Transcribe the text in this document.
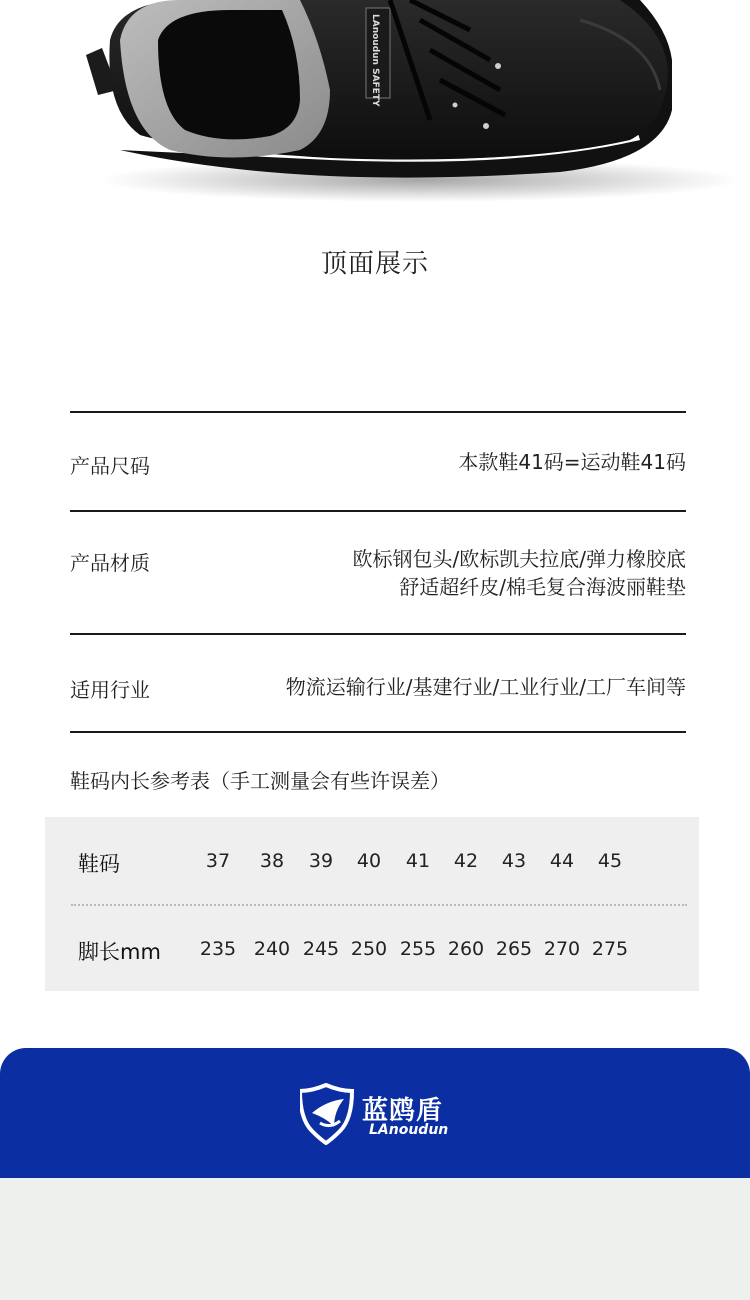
LAnoudun SAFETY
顶面展示
产品尺码	本款鞋41码=运动鞋41码
产品材质	欧标钢包头/欧标凯夫拉底/弹力橡胶底
舒适超纤皮/棉毛复合海波丽鞋垫
适用行业	物流运输行业/基建行业/工业行业/工厂车间等
鞋码内长参考表（手工测量会有些许误差）
鞋码	37	38	39	40	41	42	43	44	45
脚长mm	235 240 245 250 255 260 265 270 275
蓝鸥盾
LAnoudun
